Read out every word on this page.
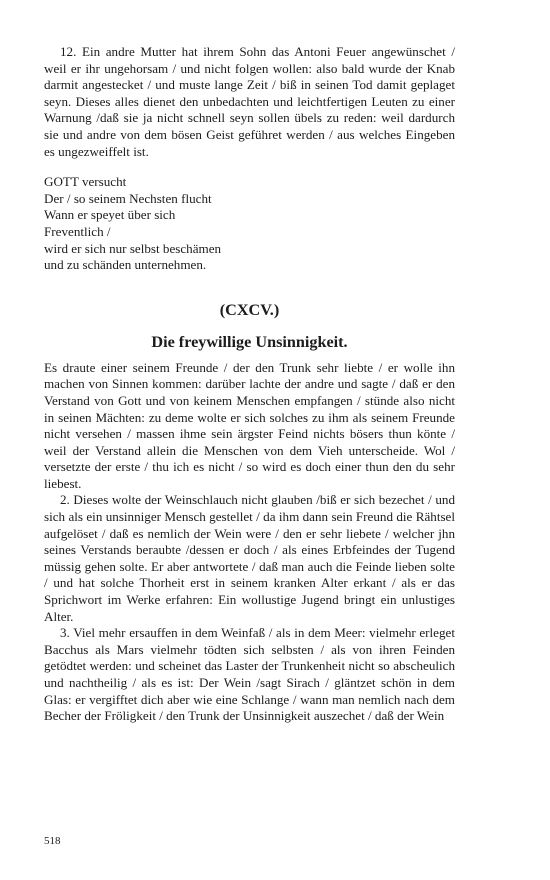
12. Ein andre Mutter hat ihrem Sohn das Antoni Feuer angewünschet / weil er ihr ungehorsam / und nicht folgen wollen: also bald wurde der Knab darmit angestecket / und muste lange Zeit / biß in seinen Tod damit geplaget seyn. Dieses alles dienet den unbedachten und leichtfertigen Leuten zu einer Warnung /daß sie ja nicht schnell seyn sollen übels zu reden: weil dardurch sie und andre von dem bösen Geist geführet werden / aus welches Eingeben es ungezweiffelt ist.

GOTT versucht

Der / so seinem Nechsten flucht

Wann er speyet über sich

Freventlich /

wird er sich nur selbst beschämen

und zu schänden unternehmen.

(CXCV.)
Die freywillige Unsinnigkeit.

Es draute einer seinem Freunde / der den Trunk sehr liebte / er wolle ihn machen von Sinnen kommen: darüber lachte der andre und sagte / daß er den Verstand von Gott und von keinem Menschen empfangen / stünde also nicht in seinen Mächten: zu deme wolte er sich solches zu ihm als seinem Freunde nicht versehen / massen ihme sein ärgster Feind nichts bösers thun könte / weil der Verstand allein die Menschen von dem Vieh unterscheide. Wol / versetzte der erste / thu ich es nicht / so wird es doch einer thun den du sehr liebest.

2. Dieses wolte der Weinschlauch nicht glauben /biß er sich bezechet / und sich als ein unsinniger Mensch gestellet / da ihm dann sein Freund die Rähtsel aufgelöset / daß es nemlich der Wein were / den er sehr liebete / welcher jhn seines Verstands beraubte /dessen er doch / als eines Erbfeindes der Tugend müssig gehen solte. Er aber antwortete / daß man auch die Feinde lieben solte / und hat solche Thorheit erst in seinem kranken Alter erkant / als er das Sprichwort im Werke erfahren: Ein wollustige Jugend bringt ein unlustiges Alter.

3. Viel mehr ersauffen in dem Weinfaß / als in dem Meer: vielmehr erleget Bacchus als Mars vielmehr tödten sich selbsten / als von ihren Feinden getödtet werden: und scheinet das Laster der Trunkenheit nicht so abscheulich und nachtheilig / als es ist: Der Wein /sagt Sirach / gläntzet schön in dem Glas: er vergifftet dich aber wie eine Schlange / wann man nemlich nach dem Becher der Fröligkeit / den Trunk der Unsinnigkeit auszechet / daß der Wein

518
